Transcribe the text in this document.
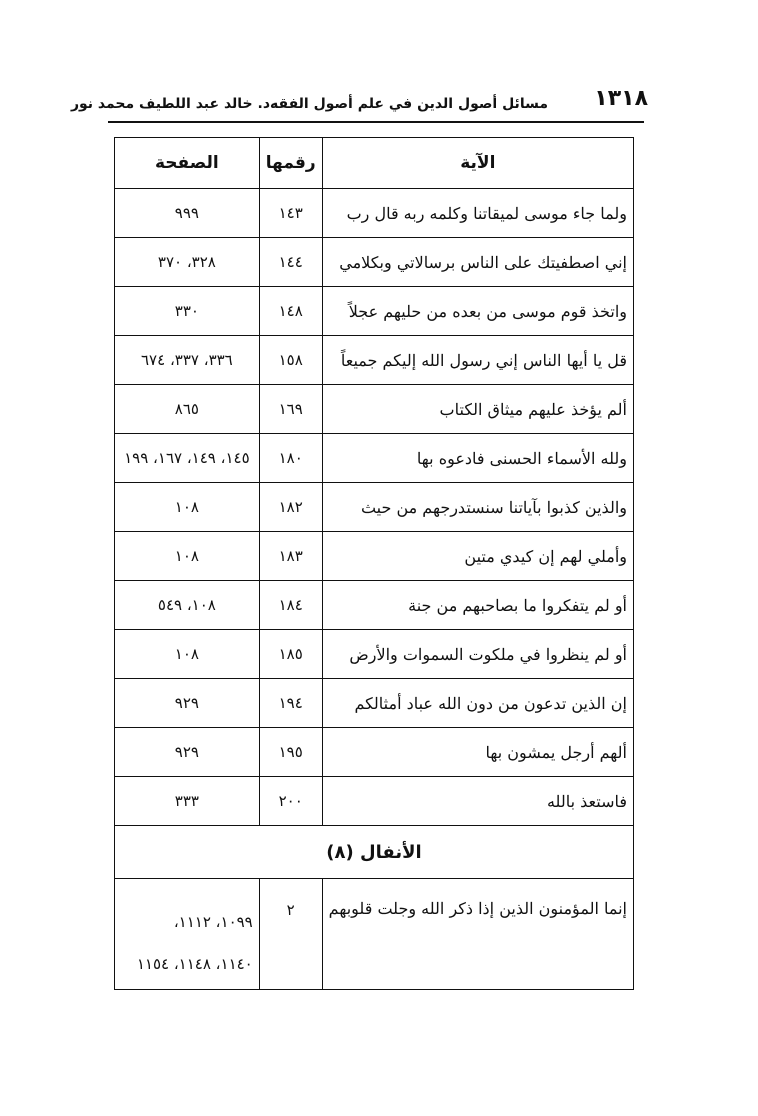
١٣١٨
مسائل أصول الدين في علم أصول الفقه
د. خالد عبد اللطيف محمد نور
الآية	رقمها	الصفحة
ولما جاء موسى لميقاتنا وكلمه ربه قال رب	١٤٣	٩٩٩
إني اصطفيتك على الناس برسالاتي وبكلامي	١٤٤	٣٢٨، ٣٧٠
واتخذ قوم موسى من بعده من حليهم عجلاً	١٤٨	٣٣٠
قل يا أيها الناس إني رسول الله إليكم جميعاً	١٥٨	٣٣٦، ٣٣٧، ٦٧٤
ألم يؤخذ عليهم ميثاق الكتاب	١٦٩	٨٦٥
ولله الأسماء الحسنى فادعوه بها	١٨٠	١٤٥، ١٤٩، ١٦٧، ١٩٩
والذين كذبوا بآياتنا سنستدرجهم من حيث	١٨٢	١٠٨
وأملي لهم إن كيدي متين	١٨٣	١٠٨
أو لم يتفكروا ما بصاحبهم من جنة	١٨٤	١٠٨، ٥٤٩
أو لم ينظروا في ملكوت السموات والأرض	١٨٥	١٠٨
إن الذين تدعون من دون الله عباد أمثالكم	١٩٤	٩٢٩
ألهم أرجل يمشون بها	١٩٥	٩٢٩
فاستعذ بالله	٢٠٠	٣٣٣
الأنفال (٨)		
إنما المؤمنون الذين إذا ذكر الله وجلت قلوبهم	٢	١٠٩٩، ١١١٢،
١١٤٠، ١١٤٨، ١١٥٤
